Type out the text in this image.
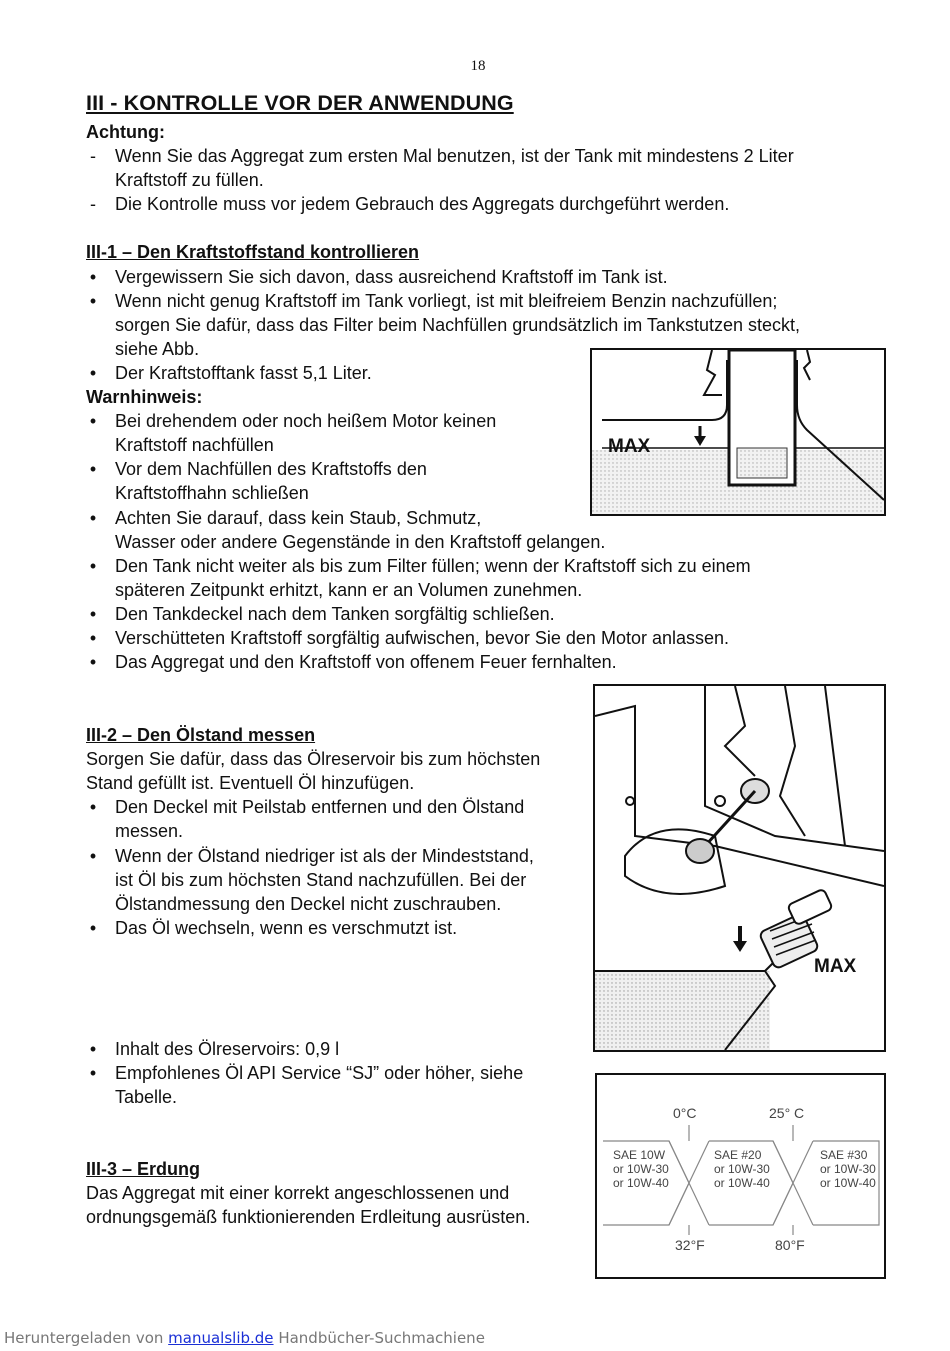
18
III - KONTROLLE VOR DER ANWENDUNG
Achtung:
- Wenn Sie das Aggregat zum ersten Mal benutzen, ist der Tank mit mindestens 2 Liter
Kraftstoff zu füllen.
- Die Kontrolle muss vor jedem Gebrauch des Aggregats durchgeführt werden.
III-1 – Den Kraftstoffstand kontrollieren
• Vergewissern Sie sich davon, dass ausreichend Kraftstoff im Tank ist.
• Wenn nicht genug Kraftstoff im Tank vorliegt, ist mit bleifreiem Benzin nachzufüllen;
sorgen Sie dafür, dass das Filter beim Nachfüllen grundsätzlich im Tankstutzen steckt,
siehe Abb.
• Der Kraftstofftank fasst 5,1 Liter.
Warnhinweis:
• Bei drehendem oder noch heißem Motor keinen
Kraftstoff nachfüllen
• Vor dem Nachfüllen des Kraftstoffs den
Kraftstoffhahn schließen
• Achten Sie darauf, dass kein Staub, Schmutz,
Wasser oder andere Gegenstände in den Kraftstoff gelangen.
• Den Tank nicht weiter als bis zum Filter füllen; wenn der Kraftstoff sich zu einem
späteren Zeitpunkt erhitzt, kann er an Volumen zunehmen.
• Den Tankdeckel nach dem Tanken sorgfältig schließen.
• Verschütteten Kraftstoff sorgfältig aufwischen, bevor Sie den Motor anlassen.
• Das Aggregat und den Kraftstoff von offenem Feuer fernhalten.
MAX
III-2 – Den Ölstand messen
Sorgen Sie dafür, dass das Ölreservoir bis zum höchsten
Stand gefüllt ist. Eventuell Öl hinzufügen.
• Den Deckel mit Peilstab entfernen und den Ölstand
messen.
• Wenn der Ölstand niedriger ist als der Mindeststand,
ist Öl bis zum höchsten Stand nachzufüllen. Bei der
Ölstandmessung den Deckel nicht zuschrauben.
• Das Öl wechseln, wenn es verschmutzt ist.
• Inhalt des Ölreservoirs: 0,9 l
• Empfohlenes Öl API Service “SJ” oder höher, siehe
Tabelle.
MAX
0°C	25° C
32°F	80°F
SAE 10W
or 10W-30
or 10W-40
SAE #20
or 10W-30
or 10W-40
SAE #30
or 10W-30
or 10W-40
III-3 – Erdung
Das Aggregat mit einer korrekt angeschlossenen und
ordnungsgemäß funktionierenden Erdleitung ausrüsten.
Heruntergeladen von manualslib.de Handbücher-Suchmachiene
